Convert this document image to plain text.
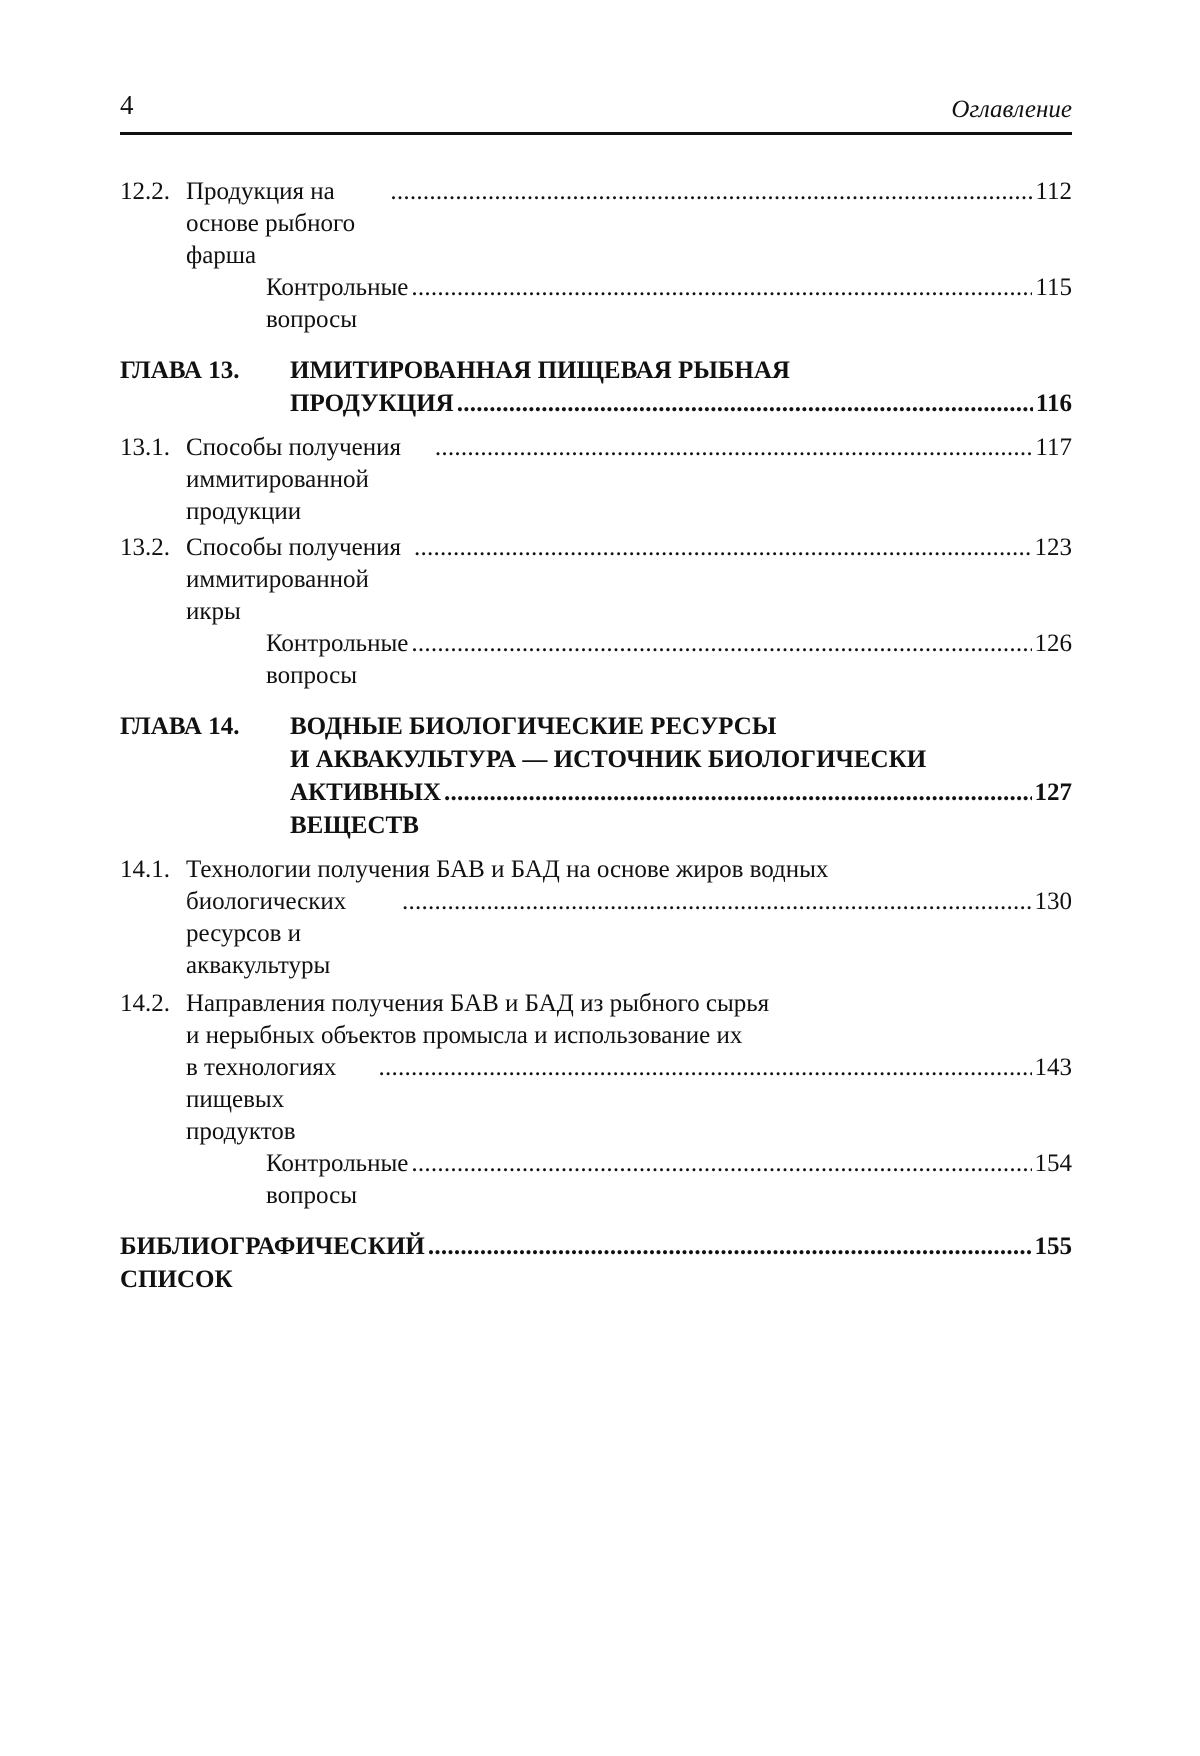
4	Оглавление
12.2. Продукция на основе рыбного фарша
. . .
112
Контрольные вопросы
. . .
115
ГЛАВА 13.	ИМИТИРОВАННАЯ ПИЩЕВАЯ РЫБНАЯ
ПРОДУКЦИЯ
. . .	116
13.1. Способы получения иммитированной продукции
. . .
117
13.2. Способы получения иммитированной икры
. . .
123
Контрольные вопросы
. . .
126
ГЛАВА 14.	ВОДНЫЕ БИОЛОГИЧЕСКИЕ РЕСУРСЫ
И АКВАКУЛЬТУРА — ИСТОЧНИК БИОЛОГИЧЕСКИ
АКТИВНЫХ ВЕЩЕСТВ
. . .
127
14.1. Технологии получения БАВ и БАД на основе жиров водных
биологических ресурсов и аквакультуры
. . .
130
14.2. Направления получения БАВ и БАД из рыбного сырья
и нерыбных объектов промысла и использование их
в технологиях пищевых продуктов
. . .
143
Контрольные вопросы
. . .
154
БИБЛИОГРАФИЧЕСКИЙ СПИСОК
. . .
155
